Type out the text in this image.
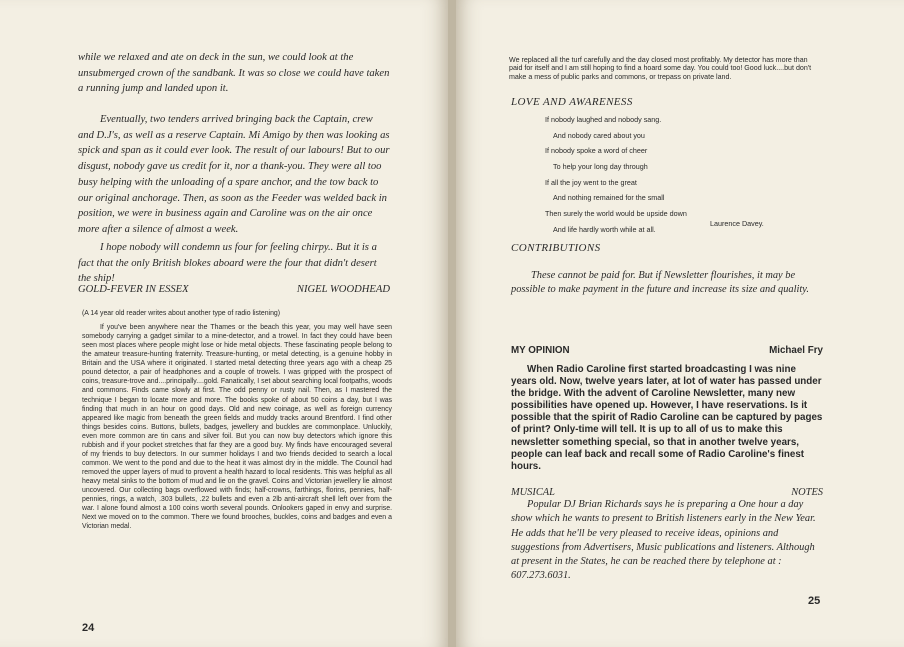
while we relaxed and ate on deck in the sun, we could look at the unsubmerged crown of the sandbank. It was so close we could have taken a running jump and landed upon it.

Eventually, two tenders arrived bringing back the Captain, crew and D.J's, as well as a reserve Captain. Mi Amigo by then was looking as spick and span as it could ever look. The result of our labours! But to our disgust, nobody gave us credit for it, nor a thank-you. They were all too busy helping with the unloading of a spare anchor, and the tow back to our original anchorage. Then, as soon as the Feeder was welded back in position, we were in business again and Caroline was on the air once more after a silence of almost a week.

I hope nobody will condemn us four for feeling chirpy.. But it is a fact that the only British blokes aboard were the four that didn't desert the ship!

GOLD-FEVER IN ESSEX	NIGEL WOODHEAD

(A 14 year old reader writes about another type of radio listening)

If you've been anywhere near the Thames or the beach this year, you may well have seen somebody carrying a gadget similar to a mine-detector, and a trowel. In fact they could have been seen most places where people might lose or hide metal objects. These fascinating people belong to the amateur treasure-hunting fraternity. Treasure-hunting, or metal detecting, is a genuine hobby in Britain and the USA where it originated. I started metal detecting three years ago with a cheap 25 pound detector, a pair of headphones and a couple of trowels. I was gripped with the prospect of coins, treasure-trove and....principally....gold. Fanatically, I set about searching local footpaths, woods and commons. Finds came slowly at first. The odd penny or rusty nail. Then, as I mastered the technique I began to locate more and more. The books spoke of about 50 coins a day, but I was finding that much in an hour on good days. Old and new coinage, as well as foreign currency appeared like magic from beneath the green fields and muddy tracks around Brentford. I find other things besides coins. Buttons, bullets, badges, jewellery and buckles are commonplace. Unluckily, even more common are tin cans and silver foil. But you can now buy detectors which ignore this rubbish and if your pocket stretches that far they are a good buy. My finds have encouraged several of my friends to buy detectors. In our summer holidays I and two friends decided to search a local common. We went to the pond and due to the heat it was almost dry in the middle. The Council had removed the upper layers of mud to provent a health hazard to local residents. This was helpful as all heavy metal sinks to the bottom of mud and lie on the gravel. Coins and Victorian jewellery lie almost uncovered. Our collecting bags overflowed with finds; half-crowns, farthings, florins, pennies, half-pennies, rings, a watch, .303 bullets, .22 bullets and even a 2lb anti-aircraft shell left over from the war. I alone found almost a 100 coins worth several pounds. Onlookers gaped in envy and surprise. Next we moved on to the common. There we found brooches, buckles, coins and badges and even a Victorian medal.

24

We replaced all the turf carefully and the day closed most profitably. My detector has more than paid for itself and I am still hoping to find a hoard some day. You could too! Good luck....but don't make a mess of public parks and commons, or trepass on private land.

LOVE AND AWARENESS

If nobody laughed and nobody sang.
And nobody cared about you
If nobody spoke a word of cheer
To help your long day through
If all the joy went to the great
And nothing remained for the small
Then surely the world would be upside down
And life hardly worth while at all.
Laurence Davey.

CONTRIBUTIONS

These cannot be paid for. But if Newsletter flourishes, it may be possible to make payment in the future and increase its size and quality.

MY OPINION	Michael Fry

When Radio Caroline first started broadcasting I was nine years old. Now, twelve years later, at lot of water has passed under the bridge. With the advent of Caroline Newsletter, many new possibilities have opened up. However, I have reservations. Is it possible that the spirit of Radio Caroline can be captured by pages of print? Only-time will tell. It is up to all of us to make this newsletter something special, so that in another twelve years, people can leaf back and recall some of Radio Caroline's finest hours.

MUSICAL	NOTES

Popular DJ Brian Richards says he is preparing a One hour a day show which he wants to present to British listeners early in the New Year. He adds that he'll be very pleased to receive ideas, opinions and suggestions from Advertisers, Music publications and listeners. Although at present in the States, he can be reached there by telephone at : 607.273.6031.

25
